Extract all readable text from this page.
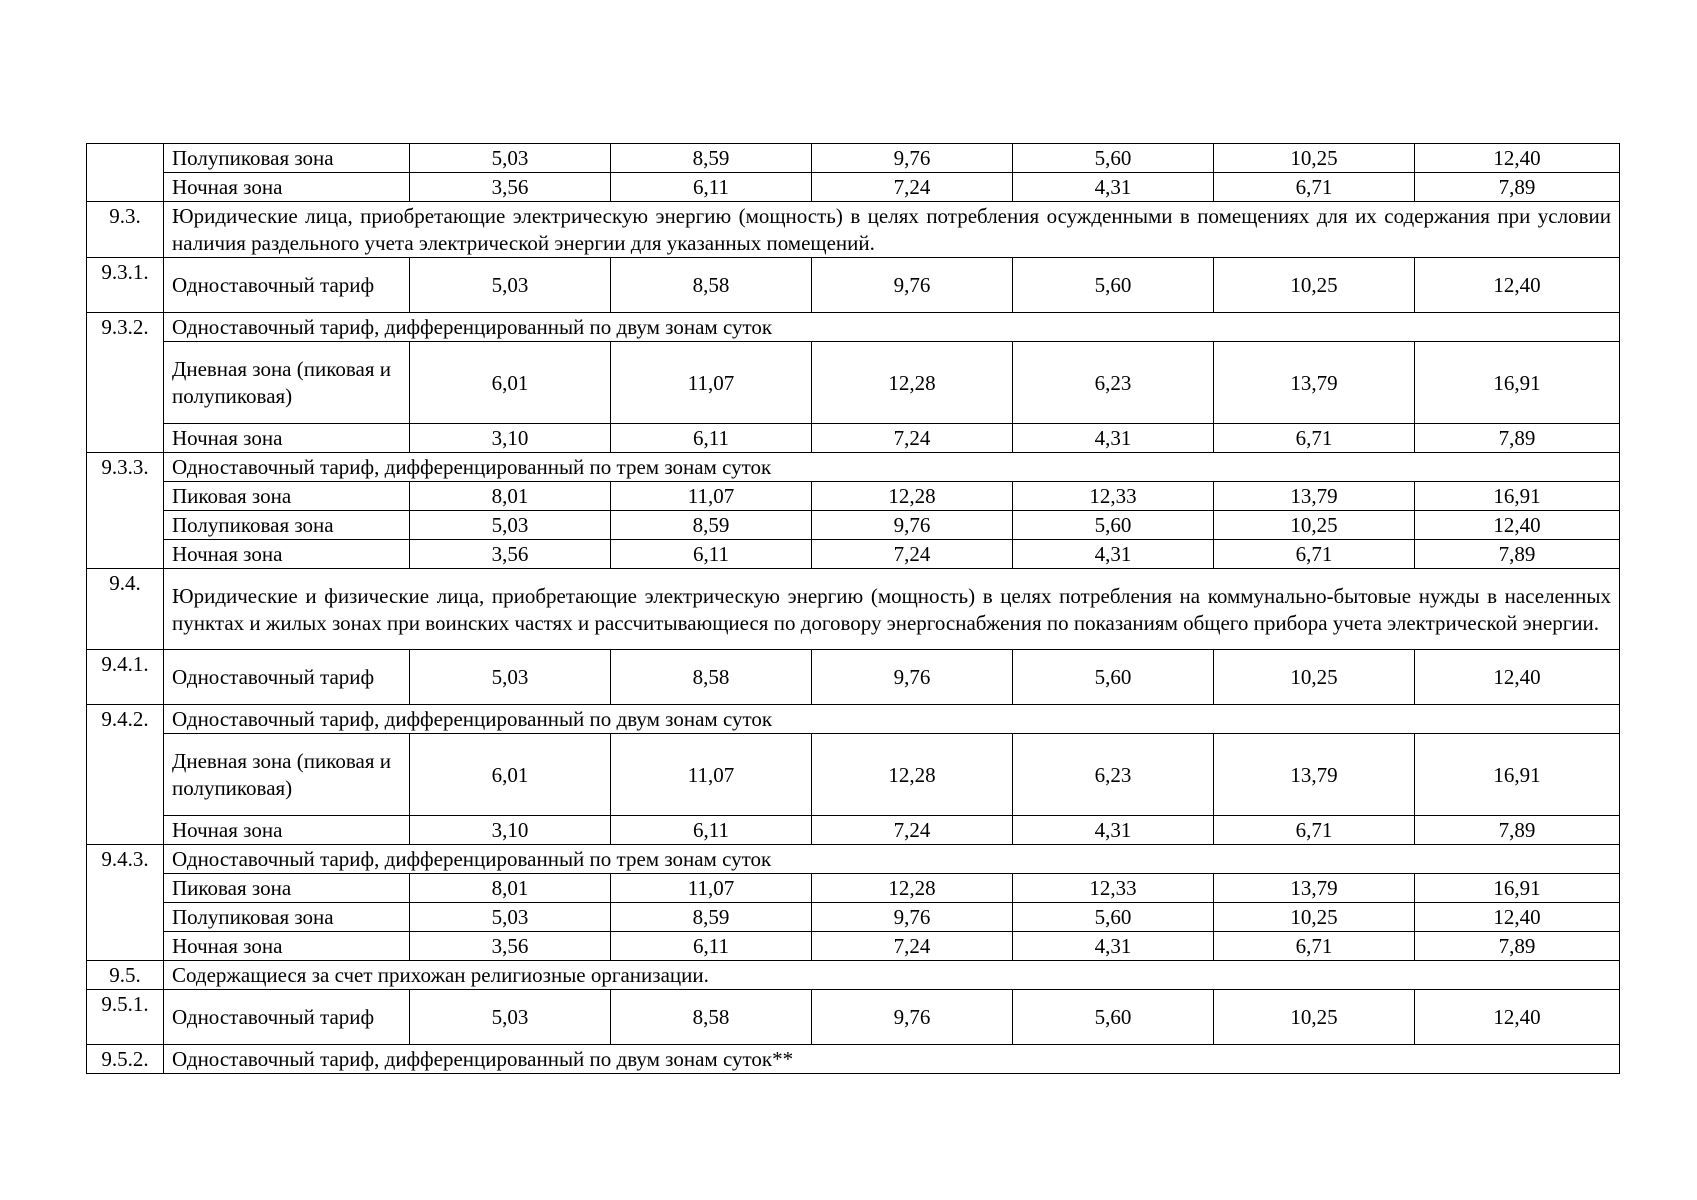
	Полупиковая зона	5,03	8,59	9,76	5,60	10,25	12,40
	Ночная зона	3,56	6,11	7,24	4,31	6,71	7,89
9.3.	Юридические лица, приобретающие электрическую энергию (мощность) в целях потребления осужденными в помещениях для их содержания при условии наличия раздельного учета электрической энергии для указанных помещений.						
9.3.1.	Одноставочный тариф	5,03	8,58	9,76	5,60	10,25	12,40
9.3.2.	Одноставочный тариф, дифференцированный по двум зонам суток						
	Дневная зона (пиковая и полупиковая)	6,01	11,07	12,28	6,23	13,79	16,91
	Ночная зона	3,10	6,11	7,24	4,31	6,71	7,89
9.3.3.	Одноставочный тариф, дифференцированный по трем зонам суток						
	Пиковая зона	8,01	11,07	12,28	12,33	13,79	16,91
	Полупиковая зона	5,03	8,59	9,76	5,60	10,25	12,40
	Ночная зона	3,56	6,11	7,24	4,31	6,71	7,89
9.4.	Юридические и физические лица, приобретающие электрическую энергию (мощность) в целях потребления на коммунально-бытовые нужды в населенных пунктах и жилых зонах при воинских частях и рассчитывающиеся по договору энергоснабжения по показаниям общего прибора учета электрической энергии.						
9.4.1.	Одноставочный тариф	5,03	8,58	9,76	5,60	10,25	12,40
9.4.2.	Одноставочный тариф, дифференцированный по двум зонам суток						
	Дневная зона (пиковая и полупиковая)	6,01	11,07	12,28	6,23	13,79	16,91
	Ночная зона	3,10	6,11	7,24	4,31	6,71	7,89
9.4.3.	Одноставочный тариф, дифференцированный по трем зонам суток						
	Пиковая зона	8,01	11,07	12,28	12,33	13,79	16,91
	Полупиковая зона	5,03	8,59	9,76	5,60	10,25	12,40
	Ночная зона	3,56	6,11	7,24	4,31	6,71	7,89
9.5.	Содержащиеся за счет прихожан религиозные организации.						
9.5.1.	Одноставочный тариф	5,03	8,58	9,76	5,60	10,25	12,40
9.5.2.	Одноставочный тариф, дифференцированный по двум зонам суток**						
